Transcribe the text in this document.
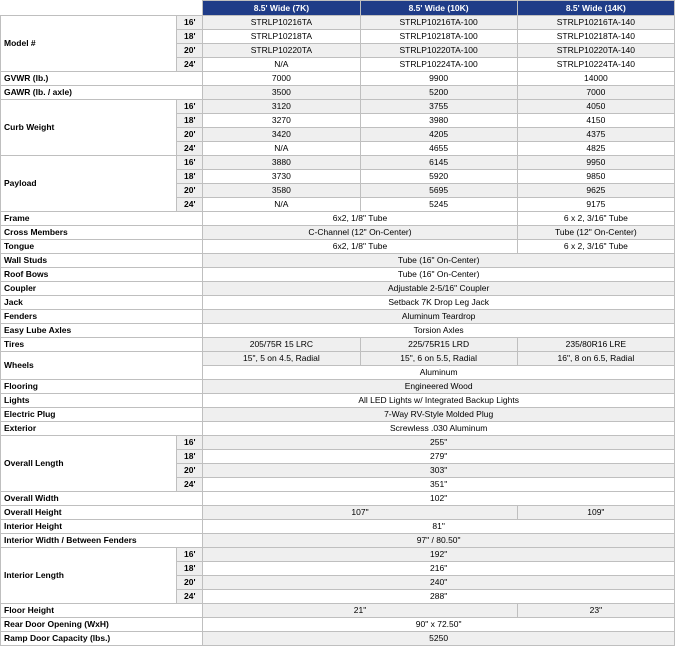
		8.5' Wide (7K)	8.5' Wide (10K)	8.5' Wide (14K)
Model #	16'	STRLP10216TA	STRLP10216TA-100	STRLP10216TA-140
	18'	STRLP10218TA	STRLP10218TA-100	STRLP10218TA-140
	20'	STRLP10220TA	STRLP10220TA-100	STRLP10220TA-140
	24'	N/A	STRLP10224TA-100	STRLP10224TA-140
GVWR (lb.)		7000	9900	14000
GAWR (lb. / axle)		3500	5200	7000
Curb Weight	16'	3120	3755	4050
	18'	3270	3980	4150
	20'	3420	4205	4375
	24'	N/A	4655	4825
Payload	16'	3880	6145	9950
	18'	3730	5920	9850
	20'	3580	5695	9625
	24'	N/A	5245	9175
Frame		6x2, 1/8" Tube		6 x 2, 3/16" Tube
Cross Members		C-Channel (12" On-Center)		Tube (12" On-Center)
Tongue		6x2, 1/8" Tube		6 x 2, 3/16" Tube
Wall Studs		Tube (16" On-Center)		
Roof Bows		Tube (16" On-Center)		
Coupler		Adjustable 2-5/16" Coupler		
Jack		Setback 7K Drop Leg Jack		
Fenders		Aluminum Teardrop		
Easy Lube Axles		Torsion Axles		
Tires		205/75R 15 LRC	225/75R15 LRD	235/80R16 LRE
Wheels		15", 5 on 4.5, Radial	15", 6 on 5.5, Radial	16", 8 on 6.5, Radial
		Aluminum		
Flooring		Engineered Wood		
Lights		All LED Lights w/ Integrated Backup Lights		
Electric Plug		7-Way RV-Style Molded Plug		
Exterior		Screwless .030 Aluminum		
Overall Length	16'	255"		
	18'	279"		
	20'	303"		
	24'	351"		
Overall Width		102"		
Overall Height		107"		109"
Interior Height		81"		
Interior Width / Between Fenders		97" / 80.50"		
Interior Length	16'	192"		
	18'	216"		
	20'	240"		
	24'	288"		
Floor Height		21"		23"
Rear Door Opening (WxH)		90" x 72.50"		
Ramp Door Capacity (lbs.)		5250		
